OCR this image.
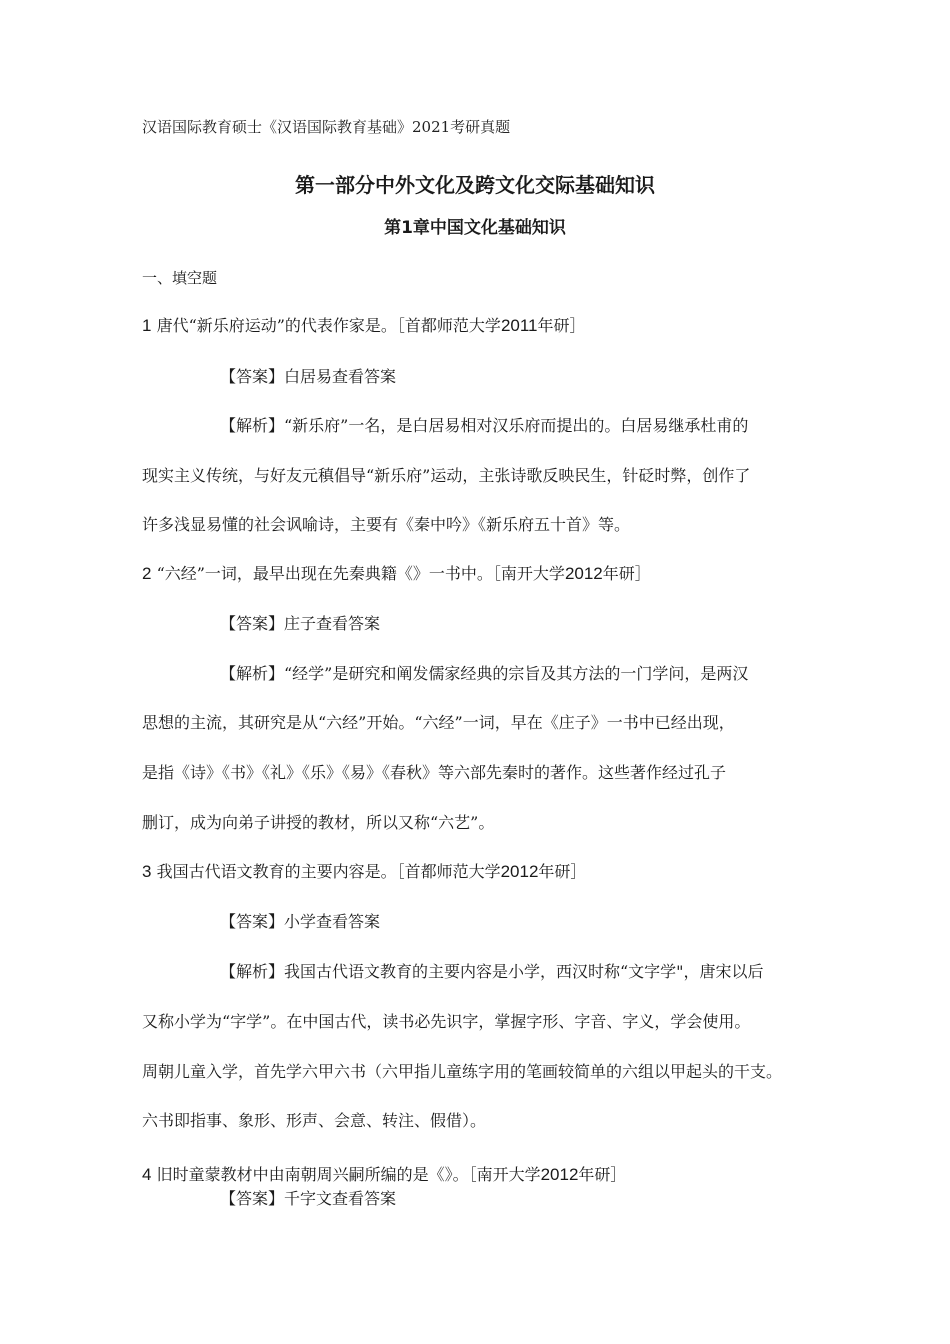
汉语国际教育硕士《汉语国际教育基础》2021考研真题
第一部分中外文化及跨文化交际基础知识
第1章中国文化基础知识
一、填空题
1 唐代“新乐府运动”的代表作家是。［首都师范大学2011年研］
【答案】白居易查看答案
【解析】“新乐府”一名，是白居易相对汉乐府而提出的。白居易继承杜甫的
现实主义传统，与好友元稹倡导“新乐府”运动，主张诗歌反映民生，针砭时弊，创作了
许多浅显易懂的社会讽喻诗，主要有《秦中吟》《新乐府五十首》等。
2 “六经”一词，最早出现在先秦典籍《》一书中。［南开大学2012年研］
【答案】庄子查看答案
【解析】“经学”是研究和阐发儒家经典的宗旨及其方法的一门学问，是两汉
思想的主流，其研究是从“六经”开始。“六经”一词，早在《庄子》一书中已经出现，
是指《诗》《书》《礼》《乐》《易》《春秋》等六部先秦时的著作。这些著作经过孔子
删订，成为向弟子讲授的教材，所以又称“六艺”。
3 我国古代语文教育的主要内容是。［首都师范大学2012年研］
【答案】小学查看答案
【解析】我国古代语文教育的主要内容是小学，西汉时称“文字学"，唐宋以后
又称小学为“字学”。在中国古代，读书必先识字，掌握字形、字音、字义，学会使用。
周朝儿童入学，首先学六甲六书（六甲指儿童练字用的笔画较简单的六组以甲起头的干支。
六书即指事、象形、形声、会意、转注、假借）。
4 旧时童蒙教材中由南朝周兴嗣所编的是《》。［南开大学2012年研］
【答案】千字文查看答案
